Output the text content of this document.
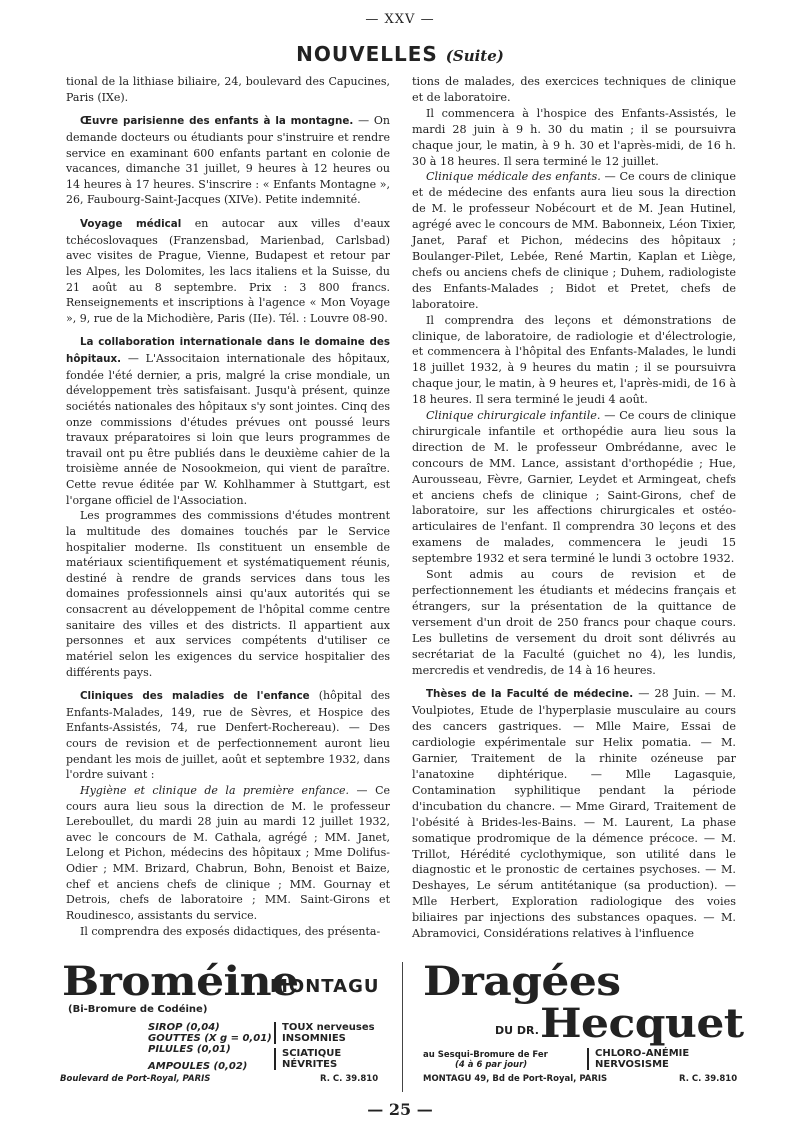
— XXV —
NOUVELLES (Suite)

tional de la lithiase biliaire, 24, boulevard des Capucines, Paris (IXe).

Œuvre parisienne des enfants à la montagne. — On demande docteurs ou étudiants pour s'instruire et rendre service en examinant 600 enfants partant en colonie de vacances, dimanche 31 juillet, 9 heures à 12 heures ou 14 heures à 17 heures. S'inscrire : « Enfants Montagne », 26, Faubourg-Saint-Jacques (XIVe). Petite indemnité.

Voyage médical en autocar aux villes d'eaux tchécoslovaques (Franzensbad, Marienbad, Carlsbad) avec visites de Prague, Vienne, Budapest et retour par les Alpes, les Dolomites, les lacs italiens et la Suisse, du 21 août au 8 septembre. Prix : 3 800 francs. Renseignements et inscriptions à l'agence « Mon Voyage », 9, rue de la Michodière, Paris (IIe). Tél. : Louvre 08-90.

La collaboration internationale dans le domaine des hôpitaux. — L'Associtaion internationale des hôpitaux, fondée l'été dernier, a pris, malgré la crise mondiale, un développement très satisfaisant. Jusqu'à présent, quinze sociétés nationales des hôpitaux s'y sont jointes. Cinq des onze commissions d'études prévues ont poussé leurs travaux préparatoires si loin que leurs programmes de travail ont pu être publiés dans le deuxième cahier de la troisième année de Nosookmeion, qui vient de paraître. Cette revue éditée par W. Kohlhammer à Stuttgart, est l'organe officiel de l'Association.

Les programmes des commissions d'études montrent la multitude des domaines touchés par le Service hospitalier moderne. Ils constituent un ensemble de matériaux scientifiquement et systématiquement réunis, destiné à rendre de grands services dans tous les domaines professionnels ainsi qu'aux autorités qui se consacrent au développement de l'hôpital comme centre sanitaire des villes et des districts. Il appartient aux personnes et aux services compétents d'utiliser ce matériel selon les exigences du service hospitalier des différents pays.

Cliniques des maladies de l'enfance (hôpital des Enfants-Malades, 149, rue de Sèvres, et Hospice des Enfants-Assistés, 74, rue Denfert-Rochereau). — Des cours de revision et de perfectionnement auront lieu pendant les mois de juillet, août et septembre 1932, dans l'ordre suivant :

Hygiène et clinique de la première enfance. — Ce cours aura lieu sous la direction de M. le professeur Lereboullet, du mardi 28 juin au mardi 12 juillet 1932, avec le concours de M. Cathala, agrégé ; MM. Janet, Lelong et Pichon, médecins des hôpitaux ; Mme Dolifus-Odier ; MM. Brizard, Chabrun, Bohn, Benoist et Baize, chef et anciens chefs de clinique ; MM. Gournay et Detrois, chefs de laboratoire ; MM. Saint-Girons et Roudinesco, assistants du service.

Il comprendra des exposés didactiques, des présenta-

tions de malades, des exercices techniques de clinique et de laboratoire.

Il commencera à l'hospice des Enfants-Assistés, le mardi 28 juin à 9 h. 30 du matin ; il se poursuivra chaque jour, le matin, à 9 h. 30 et l'après-midi, de 16 h. 30 à 18 heures. Il sera terminé le 12 juillet.

Clinique médicale des enfants. — Ce cours de clinique et de médecine des enfants aura lieu sous la direction de M. le professeur Nobécourt et de M. Jean Hutinel, agrégé avec le concours de MM. Babonneix, Léon Tixier, Janet, Paraf et Pichon, médecins des hôpitaux ; Boulanger-Pilet, Lebée, René Martin, Kaplan et Liège, chefs ou anciens chefs de clinique ; Duhem, radiologiste des Enfants-Malades ; Bidot et Pretet, chefs de laboratoire.

Il comprendra des leçons et démonstrations de clinique, de laboratoire, de radiologie et d'électrologie, et commencera à l'hôpital des Enfants-Malades, le lundi 18 juillet 1932, à 9 heures du matin ; il se poursuivra chaque jour, le matin, à 9 heures et, l'après-midi, de 16 à 18 heures. Il sera terminé le jeudi 4 août.

Clinique chirurgicale infantile. — Ce cours de clinique chirurgicale infantile et orthopédie aura lieu sous la direction de M. le professeur Ombrédanne, avec le concours de MM. Lance, assistant d'orthopédie ; Hue, Aurousseau, Fèvre, Garnier, Leydet et Armingeat, chefs et anciens chefs de clinique ; Saint-Girons, chef de laboratoire, sur les affections chirurgicales et ostéo-articulaires de l'enfant. Il comprendra 30 leçons et des examens de malades, commencera le jeudi 15 septembre 1932 et sera terminé le lundi 3 octobre 1932.

Sont admis au cours de revision et de perfectionnement les étudiants et médecins français et étrangers, sur la présentation de la quittance de versement d'un droit de 250 francs pour chaque cours. Les bulletins de versement du droit sont délivrés au secrétariat de la Faculté (guichet no 4), les lundis, mercredis et vendredis, de 14 à 16 heures.

Thèses de la Faculté de médecine. — 28 Juin. — M. Voulpiotes, Etude de l'hyperplasie musculaire au cours des cancers gastriques. — Mlle Maire, Essai de cardiologie expérimentale sur Helix pomatia. — M. Garnier, Traitement de la rhinite ozéneuse par l'anatoxine diphtérique. — Mlle Lagasquie, Contamination syphilitique pendant la période d'incubation du chancre. — Mme Girard, Traitement de l'obésité à Brides-les-Bains. — M. Laurent, La phase somatique prodromique de la démence précoce. — M. Trillot, Hérédité cyclothymique, son utilité dans le diagnostic et le pronostic de certaines psychoses. — M. Deshayes, Le sérum antitétanique (sa production). — Mlle Herbert, Exploration radiologique des voies biliaires par injections des substances opaques. — M. Abramovici, Considérations relatives à l'influence

Broméine
MONTAGU
(Bi-Bromure de Codéine)
SIROP (0,04)
GOUTTES (X g = 0,01)
PILULES (0,01)
AMPOULES (0,02)
TOUX nerveuses
INSOMNIES
SCIATIQUE
NÉVRITES
Boulevard de Port-Royal, PARIS	R. C. 39.810
Dragées
DU DR. Hecquet
au Sesqui-Bromure de Fer
(4 à 6 par jour)
CHLORO-ANÉMIE
NERVOSISME
MONTAGU 49, Bd de Port-Royal, PARIS	R. C. 39.810
— 25 —
